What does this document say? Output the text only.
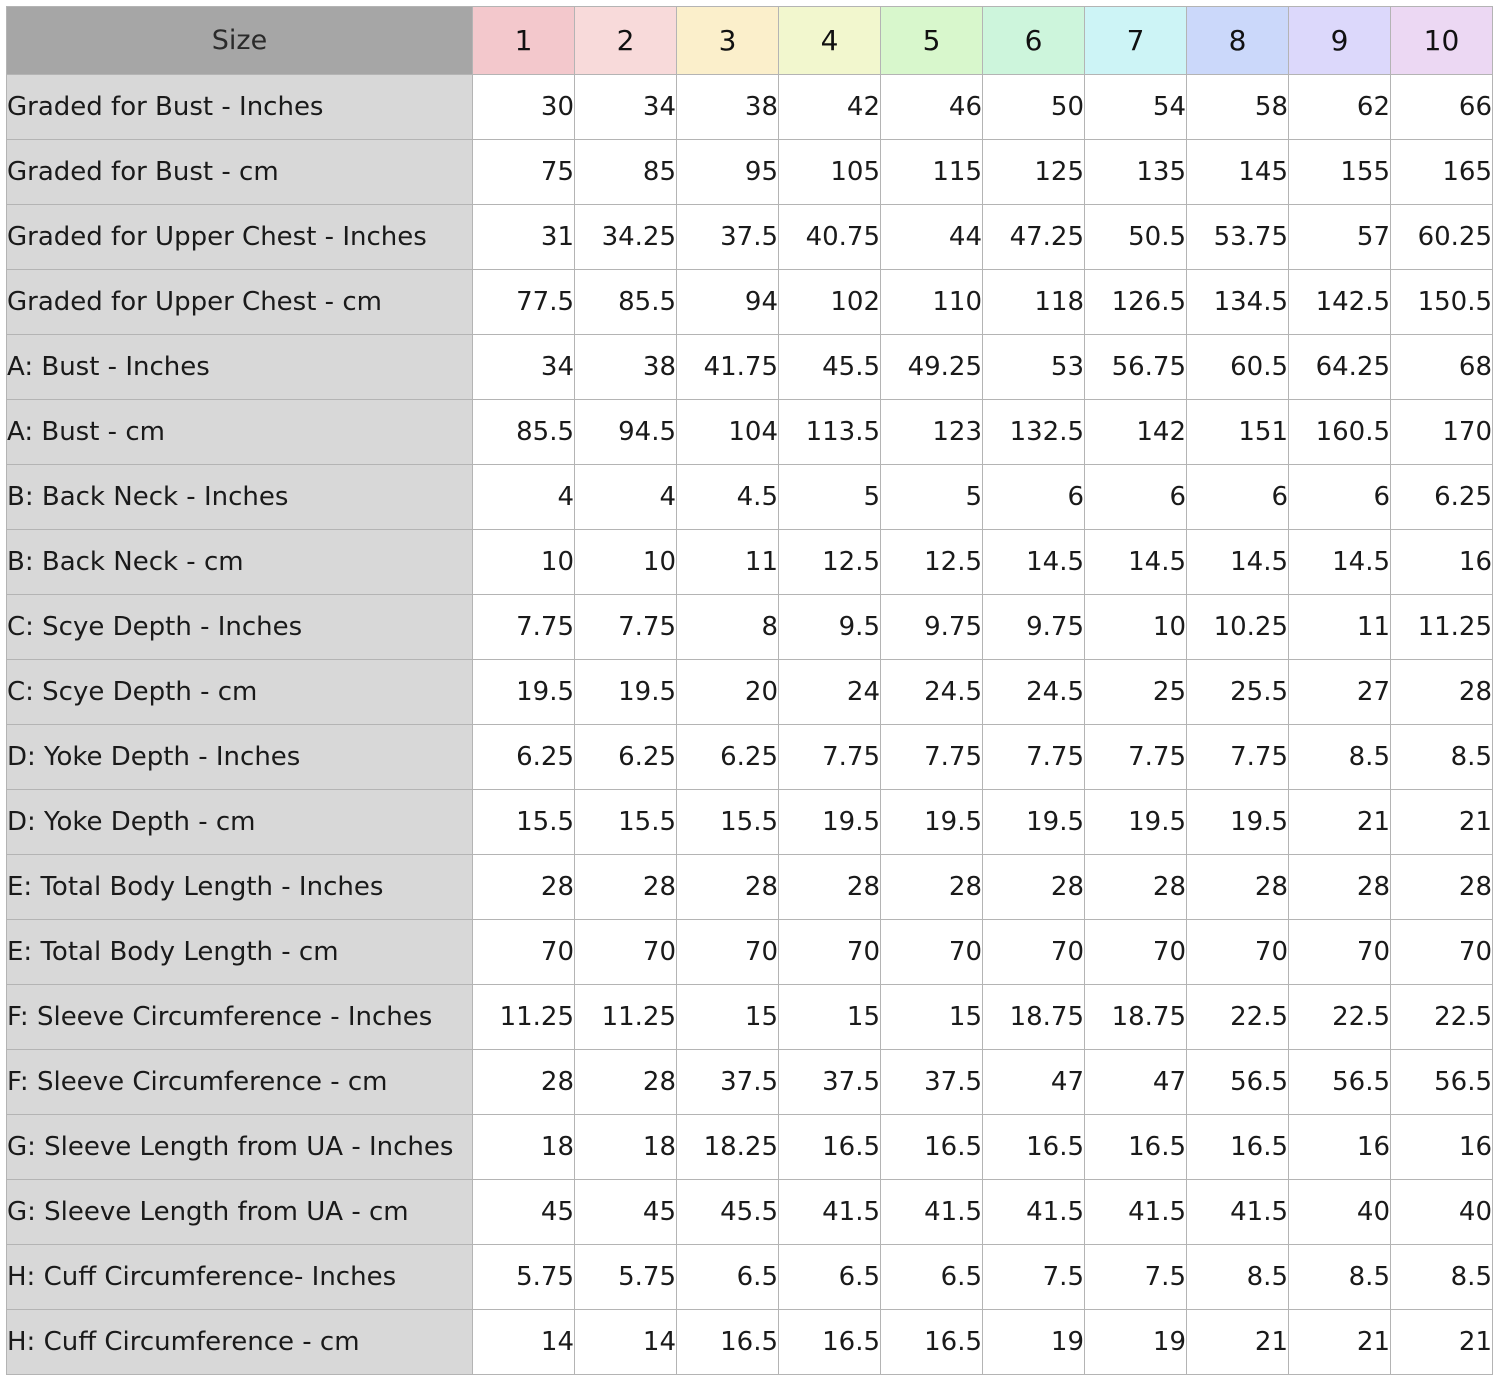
Size	1	2	3	4	5	6	7	8	9	10
Graded for Bust - Inches	30	34	38	42	46	50	54	58	62	66
Graded for Bust - cm	75	85	95	105	115	125	135	145	155	165
Graded for Upper Chest - Inches	31	34.25	37.5	40.75	44	47.25	50.5	53.75	57	60.25
Graded for Upper Chest - cm	77.5	85.5	94	102	110	118	126.5	134.5	142.5	150.5
A: Bust - Inches	34	38	41.75	45.5	49.25	53	56.75	60.5	64.25	68
A: Bust - cm	85.5	94.5	104	113.5	123	132.5	142	151	160.5	170
B: Back Neck - Inches	4	4	4.5	5	5	6	6	6	6	6.25
B: Back Neck - cm	10	10	11	12.5	12.5	14.5	14.5	14.5	14.5	16
C: Scye Depth - Inches	7.75	7.75	8	9.5	9.75	9.75	10	10.25	11	11.25
C: Scye Depth - cm	19.5	19.5	20	24	24.5	24.5	25	25.5	27	28
D: Yoke Depth - Inches	6.25	6.25	6.25	7.75	7.75	7.75	7.75	7.75	8.5	8.5
D: Yoke Depth - cm	15.5	15.5	15.5	19.5	19.5	19.5	19.5	19.5	21	21
E: Total Body Length - Inches	28	28	28	28	28	28	28	28	28	28
E: Total Body Length - cm	70	70	70	70	70	70	70	70	70	70
F: Sleeve Circumference - Inches	11.25	11.25	15	15	15	18.75	18.75	22.5	22.5	22.5
F: Sleeve Circumference - cm	28	28	37.5	37.5	37.5	47	47	56.5	56.5	56.5
G: Sleeve Length from UA - Inches	18	18	18.25	16.5	16.5	16.5	16.5	16.5	16	16
G: Sleeve Length from UA - cm	45	45	45.5	41.5	41.5	41.5	41.5	41.5	40	40
H: Cuff Circumference- Inches	5.75	5.75	6.5	6.5	6.5	7.5	7.5	8.5	8.5	8.5
H: Cuff Circumference - cm	14	14	16.5	16.5	16.5	19	19	21	21	21
